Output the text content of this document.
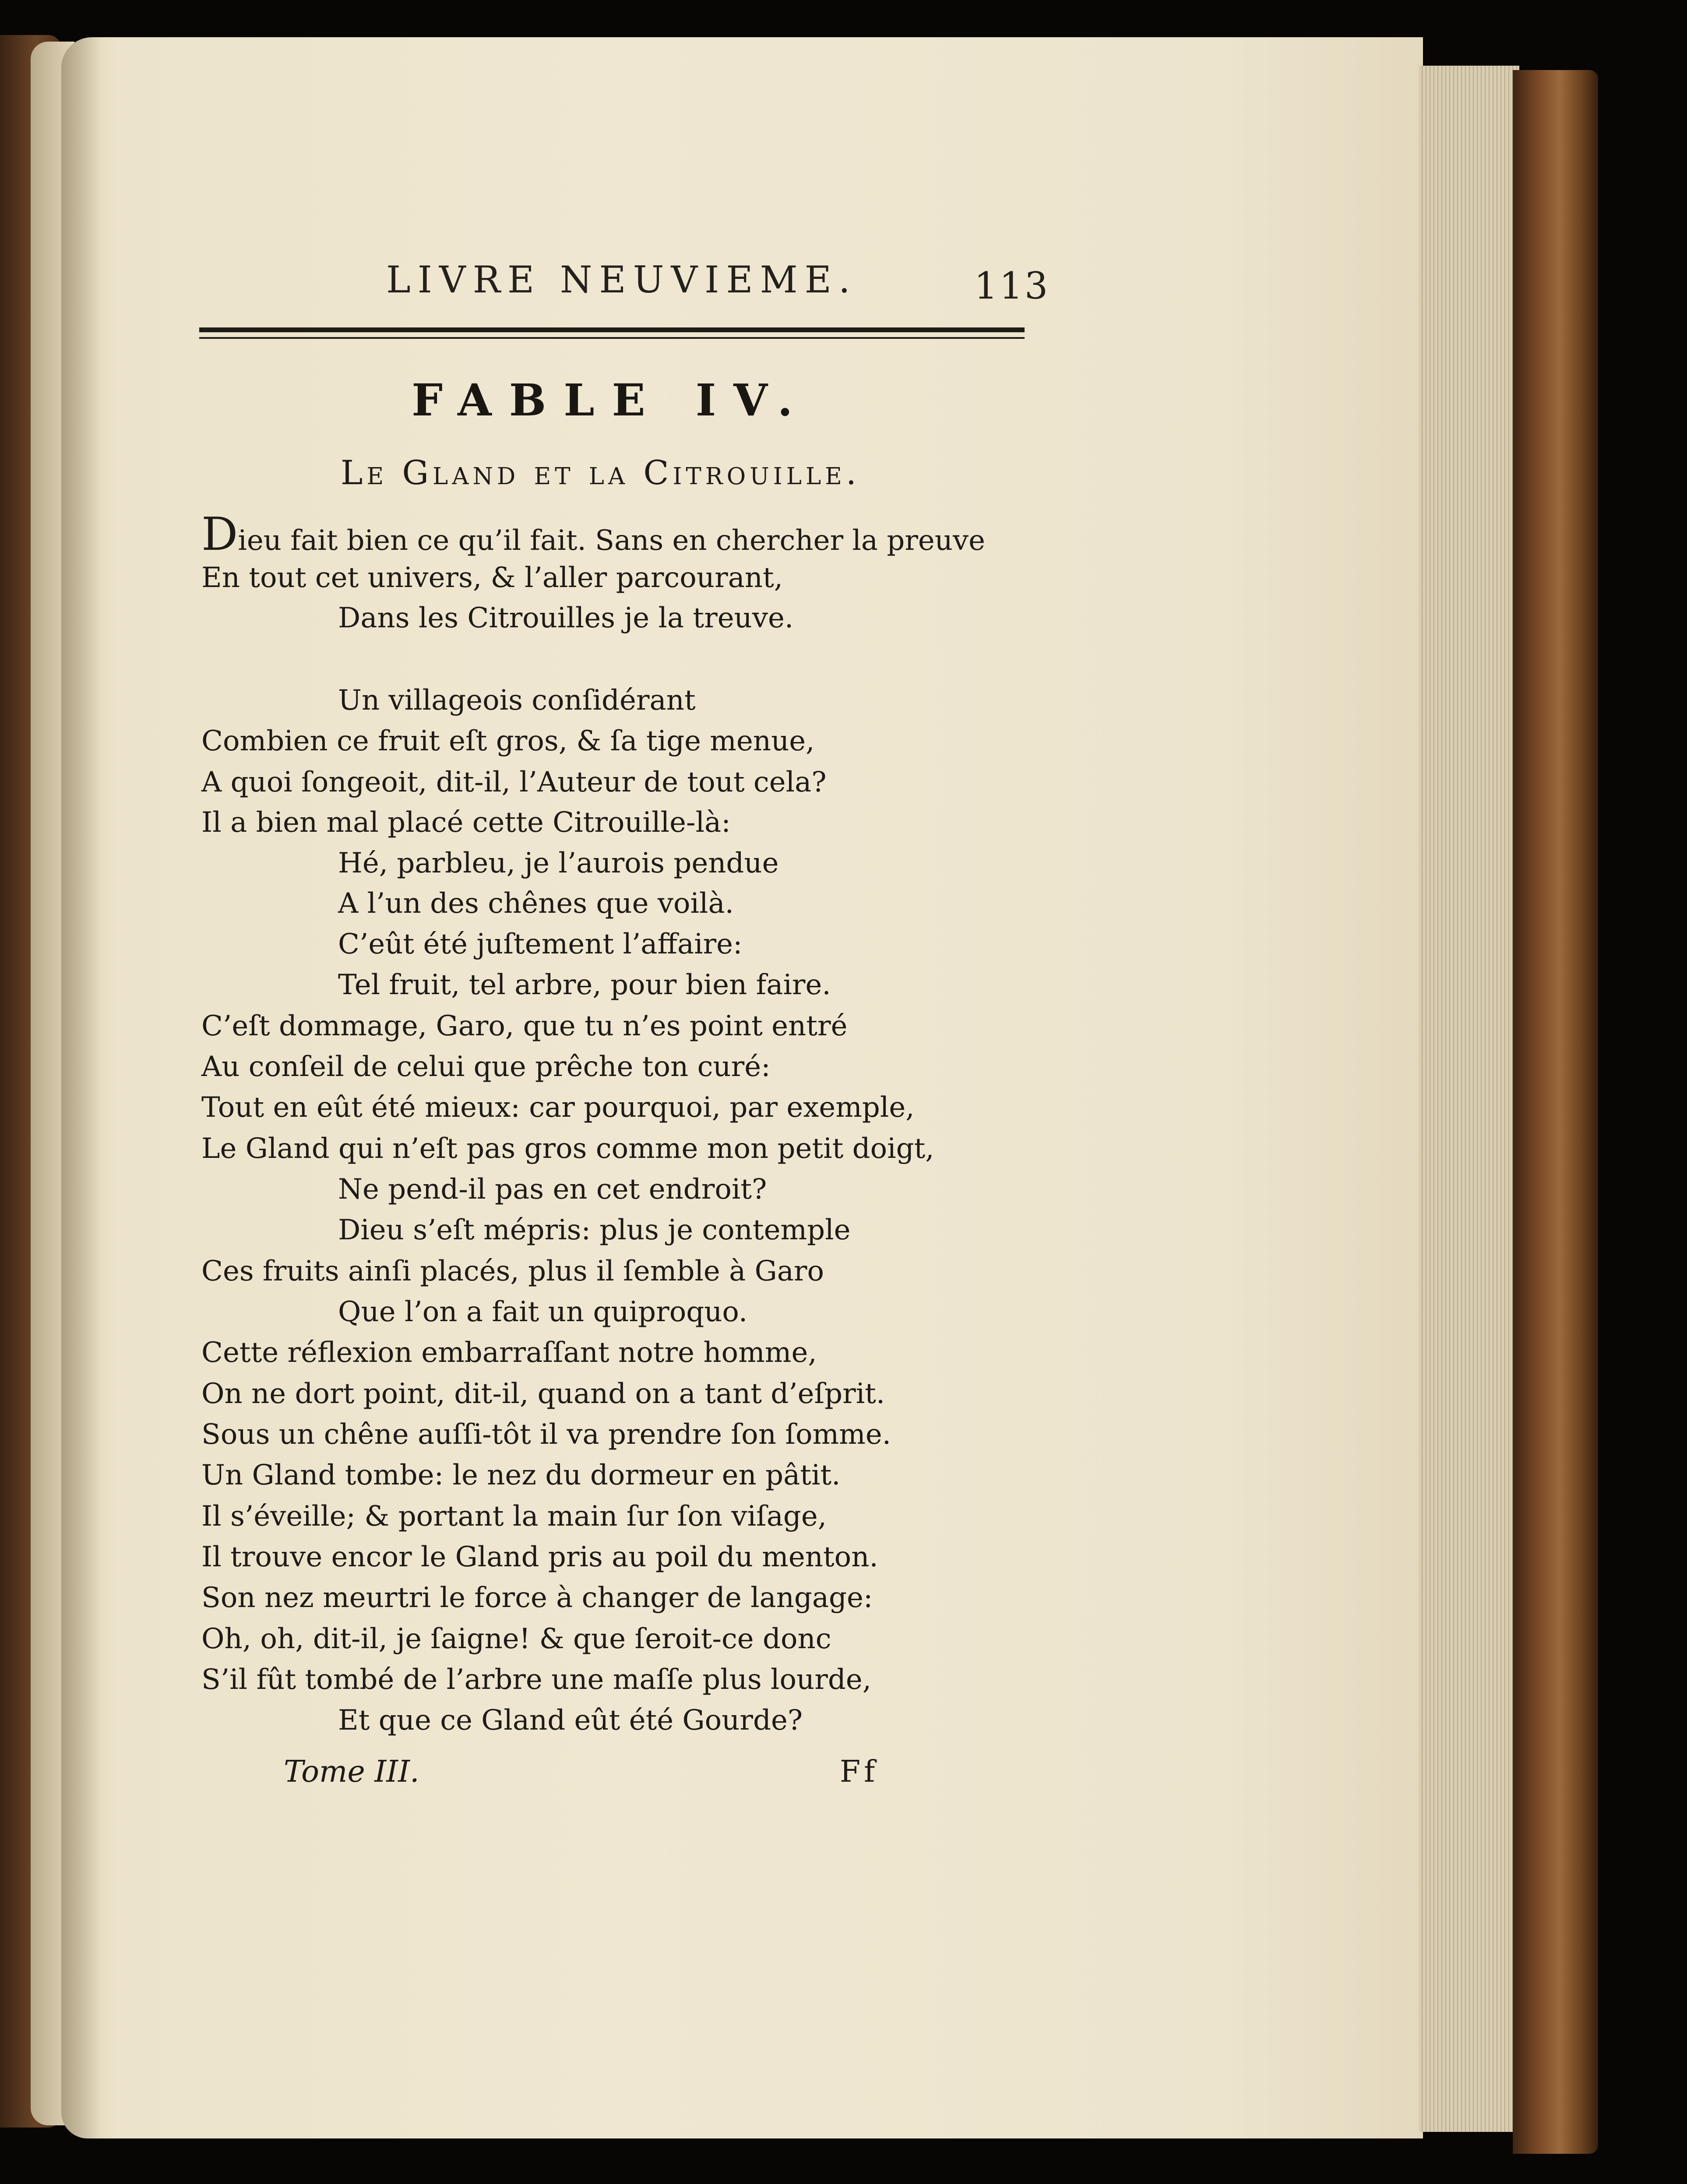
LIVRE NEUVIEME.	113
FABLE IV.
Le Gland et la Citrouille.
Dieu fait bien ce qu’il fait. Sans en chercher la preuve
En tout cet univers, & l’aller parcourant,
Dans les Citrouilles je la treuve.
Un villageois conſidérant
Combien ce fruit eſt gros, & ſa tige menue,
A quoi ſongeoit, dit-il, l’Auteur de tout cela?
Il a bien mal placé cette Citrouille-là:
Hé, parbleu, je l’aurois pendue
A l’un des chênes que voilà.
C’eût été juſtement l’affaire:
Tel fruit, tel arbre, pour bien faire.
C’eſt dommage, Garo, que tu n’es point entré
Au conſeil de celui que prêche ton curé:
Tout en eût été mieux: car pourquoi, par exemple,
Le Gland qui n’eſt pas gros comme mon petit doigt,
Ne pend-il pas en cet endroit?
Dieu s’eſt mépris: plus je contemple
Ces fruits ainſi placés, plus il ſemble à Garo
Que l’on a fait un quiproquo.
Cette réflexion embarraſſant notre homme,
On ne dort point, dit-il, quand on a tant d’eſprit.
Sous un chêne auſſi-tôt il va prendre ſon ſomme.
Un Gland tombe: le nez du dormeur en pâtit.
Il s’éveille; & portant la main ſur ſon viſage,
Il trouve encor le Gland pris au poil du menton.
Son nez meurtri le force à changer de langage:
Oh, oh, dit-il, je ſaigne! & que ſeroit-ce donc
S’il fût tombé de l’arbre une maſſe plus lourde,
Et que ce Gland eût été Gourde?
Tome III.	Ff
